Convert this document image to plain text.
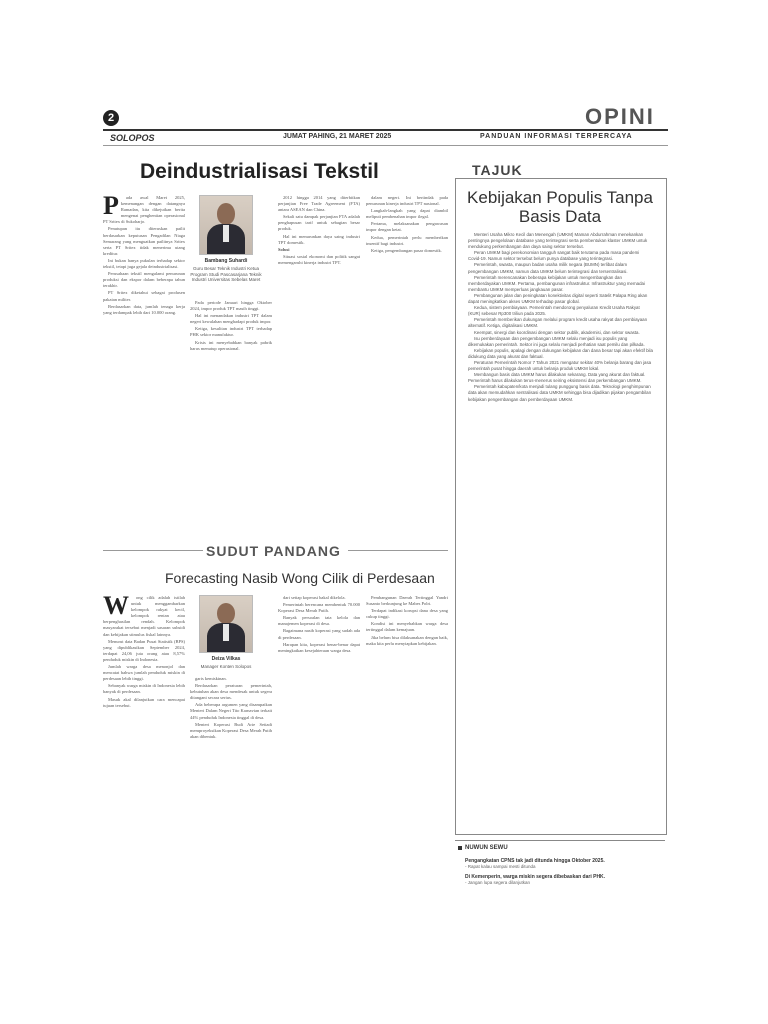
2	OPINI
SOLOPOS	JUMAT PAHING, 21 MARET 2025	PANDUAN INFORMASI TERPERCAYA
Deindustrialisasi Tekstil
P	ada awal Maret 2025, kemenangan dengan datangnya Ramadan, kita dikejutkan berita mengenai penghentian operasional PT Sritex di Sukoharjo.

Penutupan itu diteruskan pailit berdasarkan keputusan Pengadilan Niaga Semarang yang menguatkan pailitnya Sritex serta PT Sritex tidak menerima utang kreditur.

Ini bukan hanya pukulan terhadap sektor tekstil, tetapi juga gejala deindustrialisasi.

Perusahaan tekstil mengalami penurunan produksi dan ekspor dalam beberapa tahun terakhir.

PT Sritex diketahui sebagai produsen pakaian militer.

Berdasarkan data, jumlah tenaga kerja yang terdampak lebih dari 10.000 orang.

Bambang Suhardi
Guru Besar Teknik Industri Ketua Program Studi Pascasarjana Teknik Industri Universitas Sebelas Maret

Pada periode Januari hingga Oktober 2024, impor produk TPT masih tinggi.

Hal ini menandakan industri TPT dalam negeri kewalahan menghadapi produk impor.

Ketiga, kesulitan industri TPT terhadap PHK sektor manufaktur.

Krisis ini menyebabkan banyak pabrik harus menutup operasional.

2012 hingga 2014 yang diterbitkan perjanjian Free Trade Agreement (FTA) antara ASEAN dan China.

Sekali satu dampak perjanjian FTA adalah penghapusan tarif untuk sebagian besar produk.

Hal ini menurunkan daya saing industri TPT domestik.

Solusi

Situasi sosial ekonomi dan politik sangat memengaruhi kinerja industri TPT.

dalam negeri. Ini bertindak pada penurunan kinerja industri TPT nasional.

Langkah-langkah yang dapat diambil meliputi pembenahan impor ilegal.

Pertama, melaksanakan pengawasan impor dengan ketat.

Kedua, pemerintah perlu memberikan insentif bagi industri.

Ketiga, pengembangan pasar domestik.

TAJUK
Kebijakan Populis Tanpa Basis Data

Menteri Usaha Mikro Kecil dan Menengah (UMKM) Maman Abdurrahman menekankan pentingnya pengelolaan database yang terintegrasi serta pembentukan klaster UMKM untuk mendukung perkembangan dan daya saing sektor tersebut.

Peran UMKM bagi perekonomian tangguh sangat baik terutama pada masa pandemi Covid-19. Namun sektor tersebut belum punya database yang terintegrasi.

Pemerintah, swasta, maupun badan usaha milik negara (BUMN) terlibat dalam pengembangan UMKM, namun data UMKM belum terintegrasi dan tersentralisasi.

Pemerintah merencanakan beberapa kebijakan untuk mengembangkan dan memberdayakan UMKM. Pertama, pembangunan infrastruktur. Infrastruktur yang memadai membantu UMKM memperluas jangkauan pasar.

Pembangunan jalan dan peningkatan konektivitas digital seperti Satelit Palapa Ring akan dapat meningkatkan akses UMKM terhadap pasar global.

Kedua, sistem pembiayaan. Pemerintah mendorong penyaluran Kredit Usaha Rakyat (KUR) sebesar Rp300 triliun pada 2025.

Pemerintah memberikan dukungan melalui program kredit usaha rakyat dan pembiayaan alternatif. Ketiga, digitalisasi UMKM.

Keempat, sinergi dan koordinasi dengan sektor publik, akademisi, dan sektor swasta.

Isu pemberdayaan dan pengembangan UMKM selalu menjadi isu populis yang dikemukakan pemerintah. Sektor ini juga selalu menjadi perhatian saat pemilu dan pilkada.

Kebijakan populis, apalagi dengan dukungan kebijakan dan dana besar tapi akan efektif bila didukung data yang akurat dan faktual.

Peraturan Pemerintah Nomor 7 Tahun 2021 mengatur sekitar 40% belanja barang dan jasa pemerintah pusat hingga daerah untuk belanja produk UMKM lokal.

Membangun basis data UMKM harus dilakukan sekarang. Data yang akurat dan faktual. Pemerintah harus dilakukan terus-menerus seiring eksistensi dan perkembangan UMKM.

Pemerintah kabupaten/kota menjadi tulang punggung basis data. Teknologi penghimpunan data akan memudahkan sentralisasi data UMKM sehingga bisa dijadikan pijakan pengambilan kebijakan pengembangan dan pemberdayaan UMKM.

SUDUT PANDANG
Forecasting Nasib Wong Cilik di Perdesaan
W	ong cilik adalah istilah untuk menggambarkan kelompok rakyat kecil, kelompok rentan atau berpenghasilan rendah. Kelompok masyarakat tersebut menjadi sasaran subsidi dan kebijakan stimulus fiskal lainnya.

Menurut data Badan Pusat Statistik (BPS) yang dipublikasikan September 2024, terdapat 24,06 juta orang atau 8,57% penduduk miskin di Indonesia.

Jumlah warga desa menonjol dan mencatat bahwa jumlah penduduk miskin di perdesaan lebih tinggi.

Sebanyak warga miskin di Indonesia lebih banyak di perdesaan.

Masuk akal dilanjutkan cara mencapai tujuan tersebut.

Deiza Vilkas
Manager Konten Solopos

garis kemiskinan.

Berdasarkan peraturan pemerintah, kebutuhan akan desa mendesak untuk segera ditangani secara serius.

Ada beberapa argumen yang disampaikan Menteri Dalam Negeri Tito Karnavian terkait 44% penduduk Indonesia tinggal di desa.

Menteri Koperasi Budi Arie Setiadi memproyeksikan Koperasi Desa Merah Putih akan dibentuk.

dari setiap koperasi bakal dikelola.

Pemerintah berencana membentuk 70.000 Koperasi Desa Merah Putih.

Banyak persoalan tata kelola dan manajemen koperasi di desa.

Bagaimana nasib koperasi yang sudah ada di perdesaan.

Harapan kita, koperasi benar-benar dapat meningkatkan kesejahteraan warga desa.

Pembangunan Daerah Tertinggal Yandri Susanto berkunjung ke Mabes Polri.

Terdapat indikasi korupsi dana desa yang cukup tinggi.

Kondisi ini menyebabkan warga desa tertinggal dalam kemajuan.

Jika belum bisa dilaksanakan dengan baik, maka kita perlu menyiapkan kebijakan.

NUWUN SEWU
Pengangkatan CPNS tak jadi ditunda hingga Oktober 2025.
- Rapat kalau sampai mesti ditunda
Di Kemenperin, warga miskin segera dibebaskan dari PHK.
- Jangan lupa segera dilanjutkan
